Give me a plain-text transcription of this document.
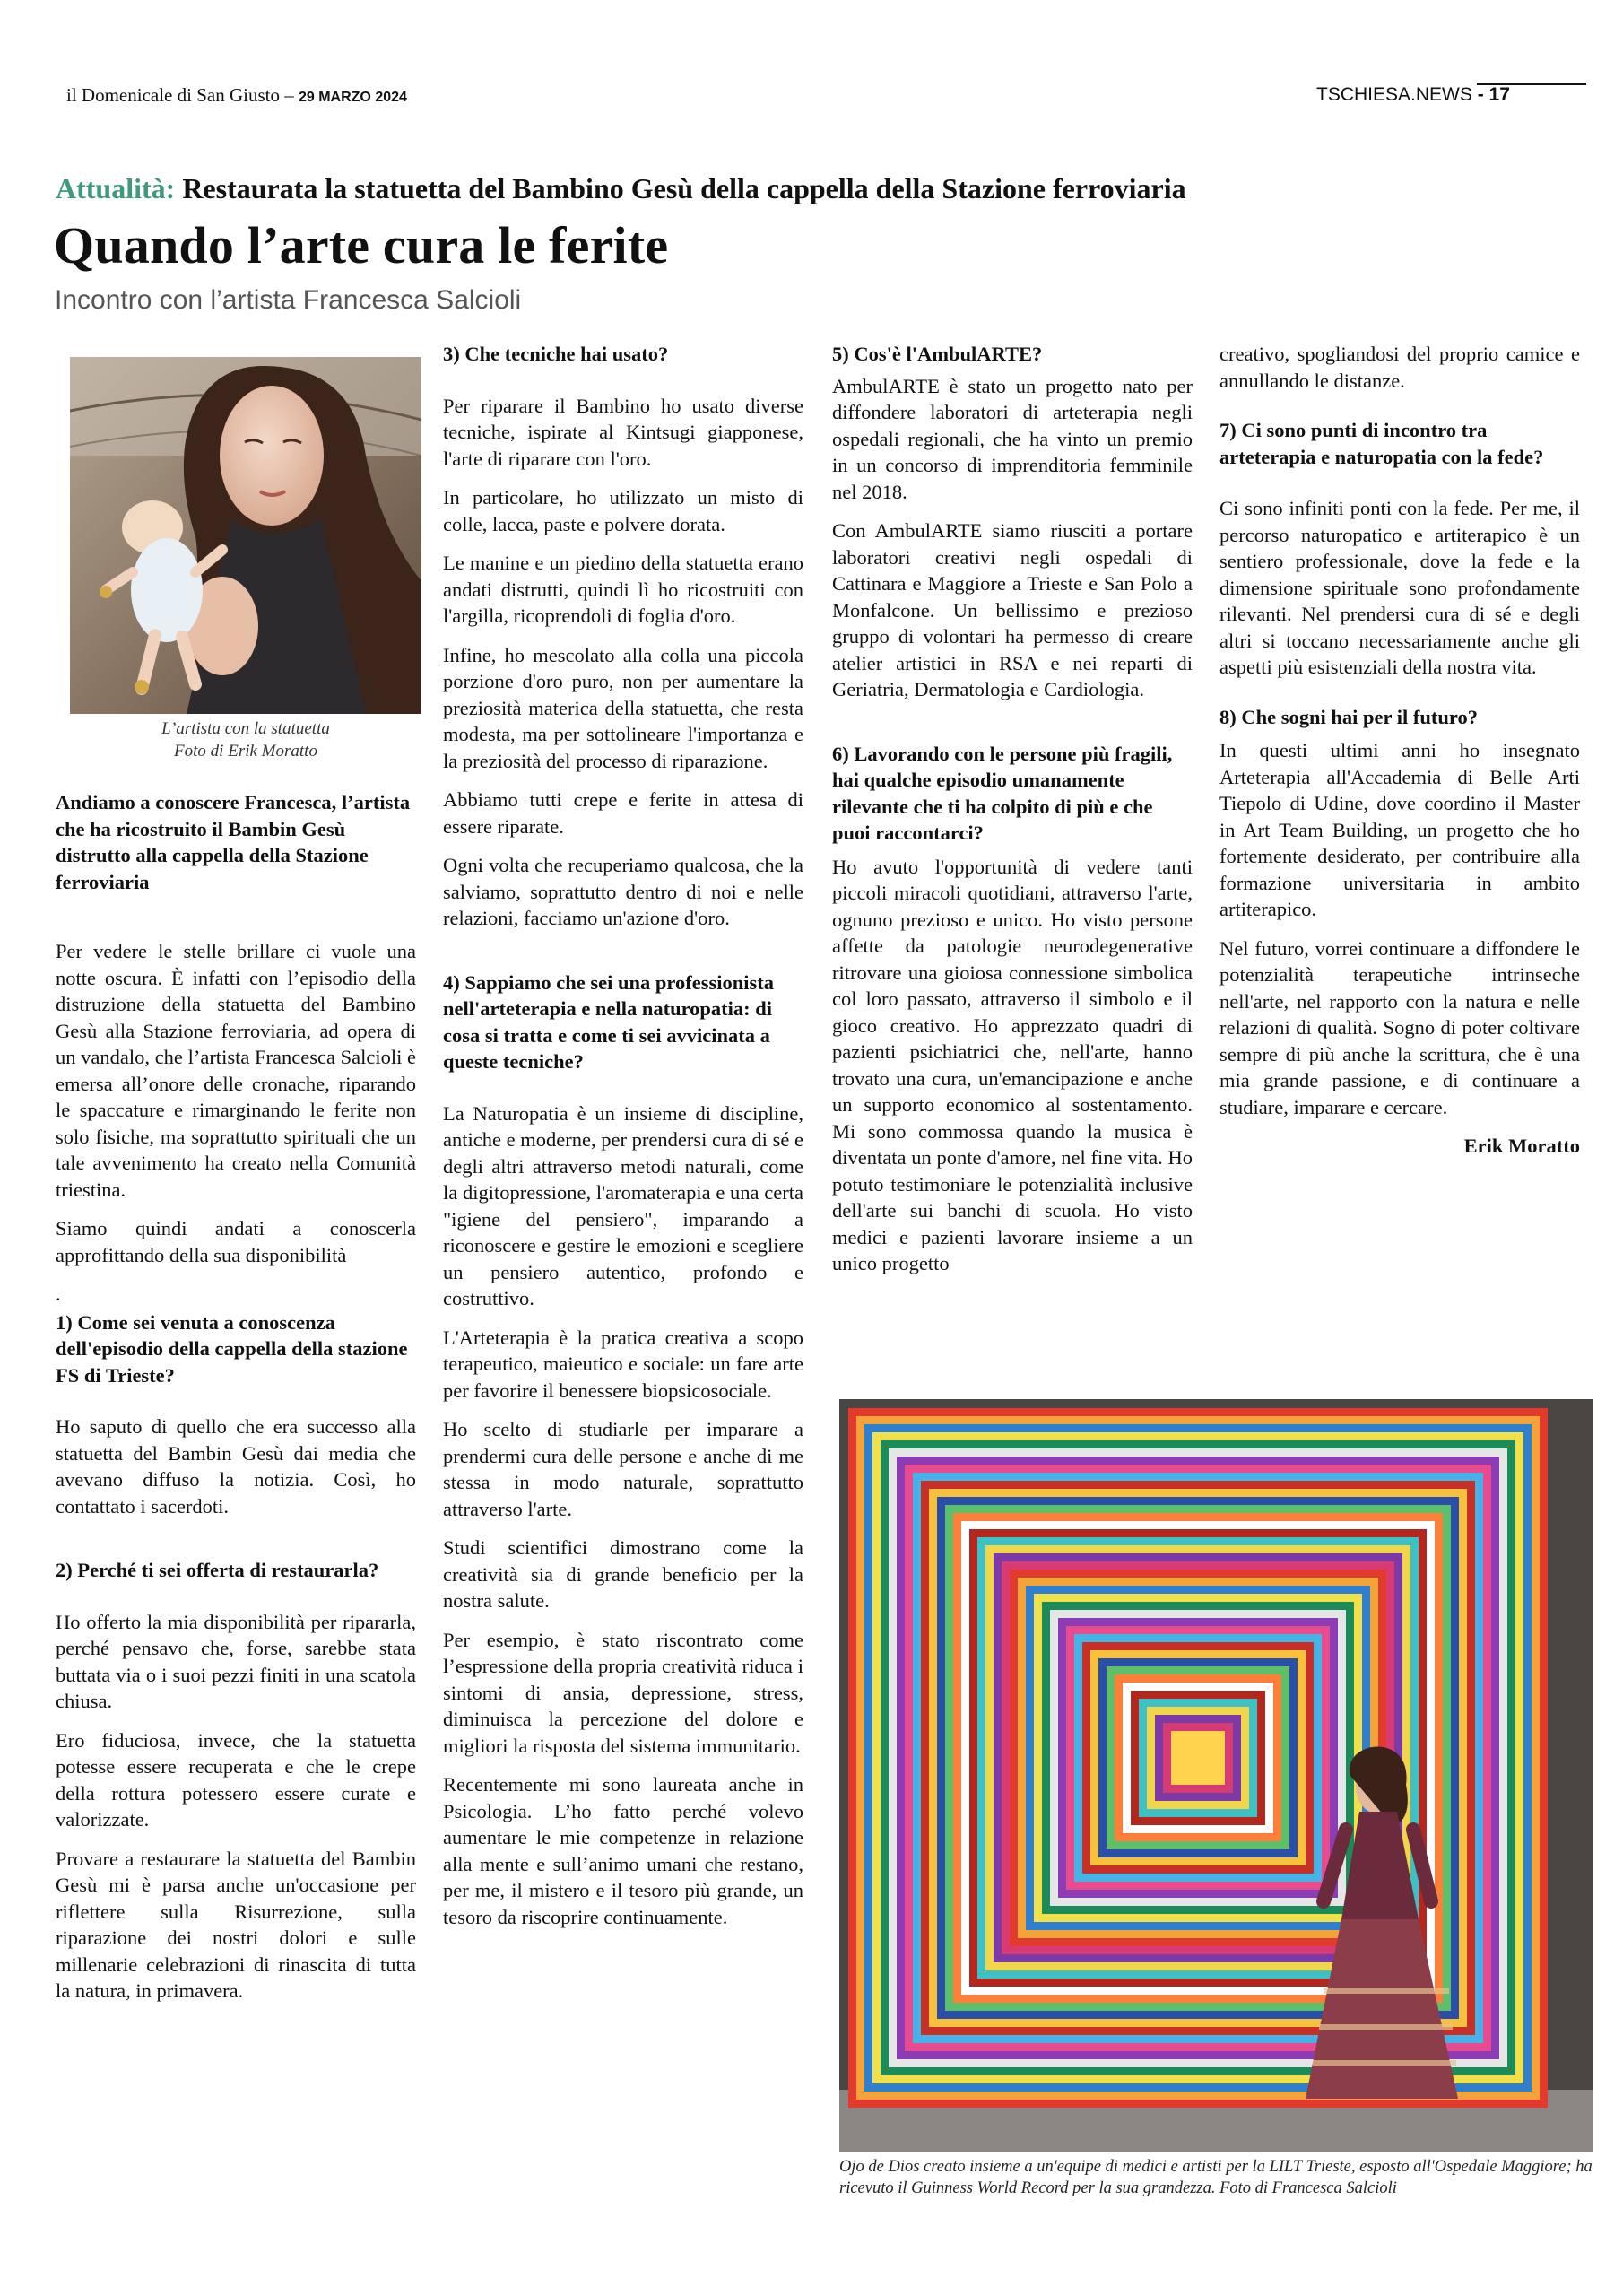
il Domenicale di San Giusto – 29 MARZO 2024	TSCHIESA.NEWS - 17
Attualità: Restaurata la statuetta del Bambino Gesù della cappella della Stazione ferroviaria
Quando l’arte cura le ferite
Incontro con l’artista Francesca Salcioli
L’artista con la statuetta
Foto di Erik Moratto

Andiamo a conoscere Francesca, l’artista che ha ricostruito il Bambin Gesù distrutto alla cappella della Stazione ferroviaria

Per vedere le stelle brillare ci vuole una notte oscura. È infatti con l’episodio della distruzione della statuetta del Bambino Gesù alla Stazione ferroviaria, ad opera di un vandalo, che l’artista Francesca Salcioli è emersa all’onore delle cronache, riparando le spaccature e rimarginando le ferite non solo fisiche, ma soprattutto spirituali che un tale avvenimento ha creato nella Comunità triestina.

Siamo quindi andati a conoscerla approfittando della sua disponibilità

.

1) Come sei venuta a conoscenza dell'episodio della cappella della stazione FS di Trieste?

Ho saputo di quello che era successo alla statuetta del Bambin Gesù dai media che avevano diffuso la notizia. Così, ho contattato i sacerdoti.

2) Perché ti sei offerta di restaurarla?

Ho offerto la mia disponibilità per ripararla, perché pensavo che, forse, sarebbe stata buttata via o i suoi pezzi finiti in una scatola chiusa.

Ero fiduciosa, invece, che la statuetta potesse essere recuperata e che le crepe della rottura potessero essere curate e valorizzate.

Provare a restaurare la statuetta del Bambin Gesù mi è parsa anche un'occasione per riflettere sulla Risurrezione, sulla riparazione dei nostri dolori e sulle millenarie celebrazioni di rinascita di tutta la natura, in primavera.

3) Che tecniche hai usato?

Per riparare il Bambino ho usato diverse tecniche, ispirate al Kintsugi giapponese, l'arte di riparare con l'oro.

In particolare, ho utilizzato un misto di colle, lacca, paste e polvere dorata.

Le manine e un piedino della statuetta erano andati distrutti, quindi lì ho ricostruiti con l'argilla, ricoprendoli di foglia d'oro.

Infine, ho mescolato alla colla una piccola porzione d'oro puro, non per aumentare la preziosità materica della statuetta, che resta modesta, ma per sottolineare l'importanza e la preziosità del processo di riparazione.

Abbiamo tutti crepe e ferite in attesa di essere riparate.

Ogni volta che recuperiamo qualcosa, che la salviamo, soprattutto dentro di noi e nelle relazioni, facciamo un'azione d'oro.

4) Sappiamo che sei una professionista nell'arteterapia e nella naturopatia: di cosa si tratta e come ti sei avvicinata a queste tecniche?

La Naturopatia è un insieme di discipline, antiche e moderne, per prendersi cura di sé e degli altri attraverso metodi naturali, come la digitopressione, l'aromaterapia e una certa "igiene del pensiero", imparando a riconoscere e gestire le emozioni e scegliere un pensiero autentico, profondo e costruttivo.

L'Arteterapia è la pratica creativa a scopo terapeutico, maieutico e sociale: un fare arte per favorire il benessere biopsicosociale.

Ho scelto di studiarle per imparare a prendermi cura delle persone e anche di me stessa in modo naturale, soprattutto attraverso l'arte.

Studi scientifici dimostrano come la creatività sia di grande beneficio per la nostra salute.

Per esempio, è stato riscontrato come l’espressione della propria creatività riduca i sintomi di ansia, depressione, stress, diminuisca la percezione del dolore e migliori la risposta del sistema immunitario.

Recentemente mi sono laureata anche in Psicologia. L’ho fatto perché volevo aumentare le mie competenze in relazione alla mente e sull’animo umani che restano, per me, il mistero e il tesoro più grande, un tesoro da riscoprire continuamente.

5) Cos'è l'AmbulARTE?

AmbulARTE è stato un progetto nato per diffondere laboratori di arteterapia negli ospedali regionali, che ha vinto un premio in un concorso di imprenditoria femminile nel 2018.

Con AmbulARTE siamo riusciti a portare laboratori creativi negli ospedali di Cattinara e Maggiore a Trieste e San Polo a Monfalcone. Un bellissimo e prezioso gruppo di volontari ha permesso di creare atelier artistici in RSA e nei reparti di Geriatria, Dermatologia e Cardiologia.

6) Lavorando con le persone più fragili, hai qualche episodio umanamente rilevante che ti ha colpito di più e che puoi raccontarci?

Ho avuto l'opportunità di vedere tanti piccoli miracoli quotidiani, attraverso l'arte, ognuno prezioso e unico. Ho visto persone affette da patologie neurodegenerative ritrovare una gioiosa connessione simbolica col loro passato, attraverso il simbolo e il gioco creativo. Ho apprezzato quadri di pazienti psichiatrici che, nell'arte, hanno trovato una cura, un'emancipazione e anche un supporto economico al sostentamento. Mi sono commossa quando la musica è diventata un ponte d'amore, nel fine vita. Ho potuto testimoniare le potenzialità inclusive dell'arte sui banchi di scuola. Ho visto medici e pazienti lavorare insieme a un unico progetto

creativo, spogliandosi del proprio camice e annullando le distanze.

7) Ci sono punti di incontro tra arteterapia e naturopatia con la fede?

Ci sono infiniti ponti con la fede. Per me, il percorso naturopatico e artiterapico è un sentiero professionale, dove la fede e la dimensione spirituale sono profondamente rilevanti. Nel prendersi cura di sé e degli altri si toccano necessariamente anche gli aspetti più esistenziali della nostra vita.

8) Che sogni hai per il futuro?

In questi ultimi anni ho insegnato Arteterapia all'Accademia di Belle Arti Tiepolo di Udine, dove coordino il Master in Art Team Building, un progetto che ho fortemente desiderato, per contribuire alla formazione universitaria in ambito artiterapico.

Nel futuro, vorrei continuare a diffondere le potenzialità terapeutiche intrinseche nell'arte, nel rapporto con la natura e nelle relazioni di qualità. Sogno di poter coltivare sempre di più anche la scrittura, che è una mia grande passione, e di continuare a studiare, imparare e cercare.

Erik Moratto
Ojo de Dios creato insieme a un'equipe di medici e artisti per la LILT Trieste, esposto all'Ospedale Maggiore; ha ricevuto il Guinness World Record per la sua grandezza. Foto di Francesca Salcioli
